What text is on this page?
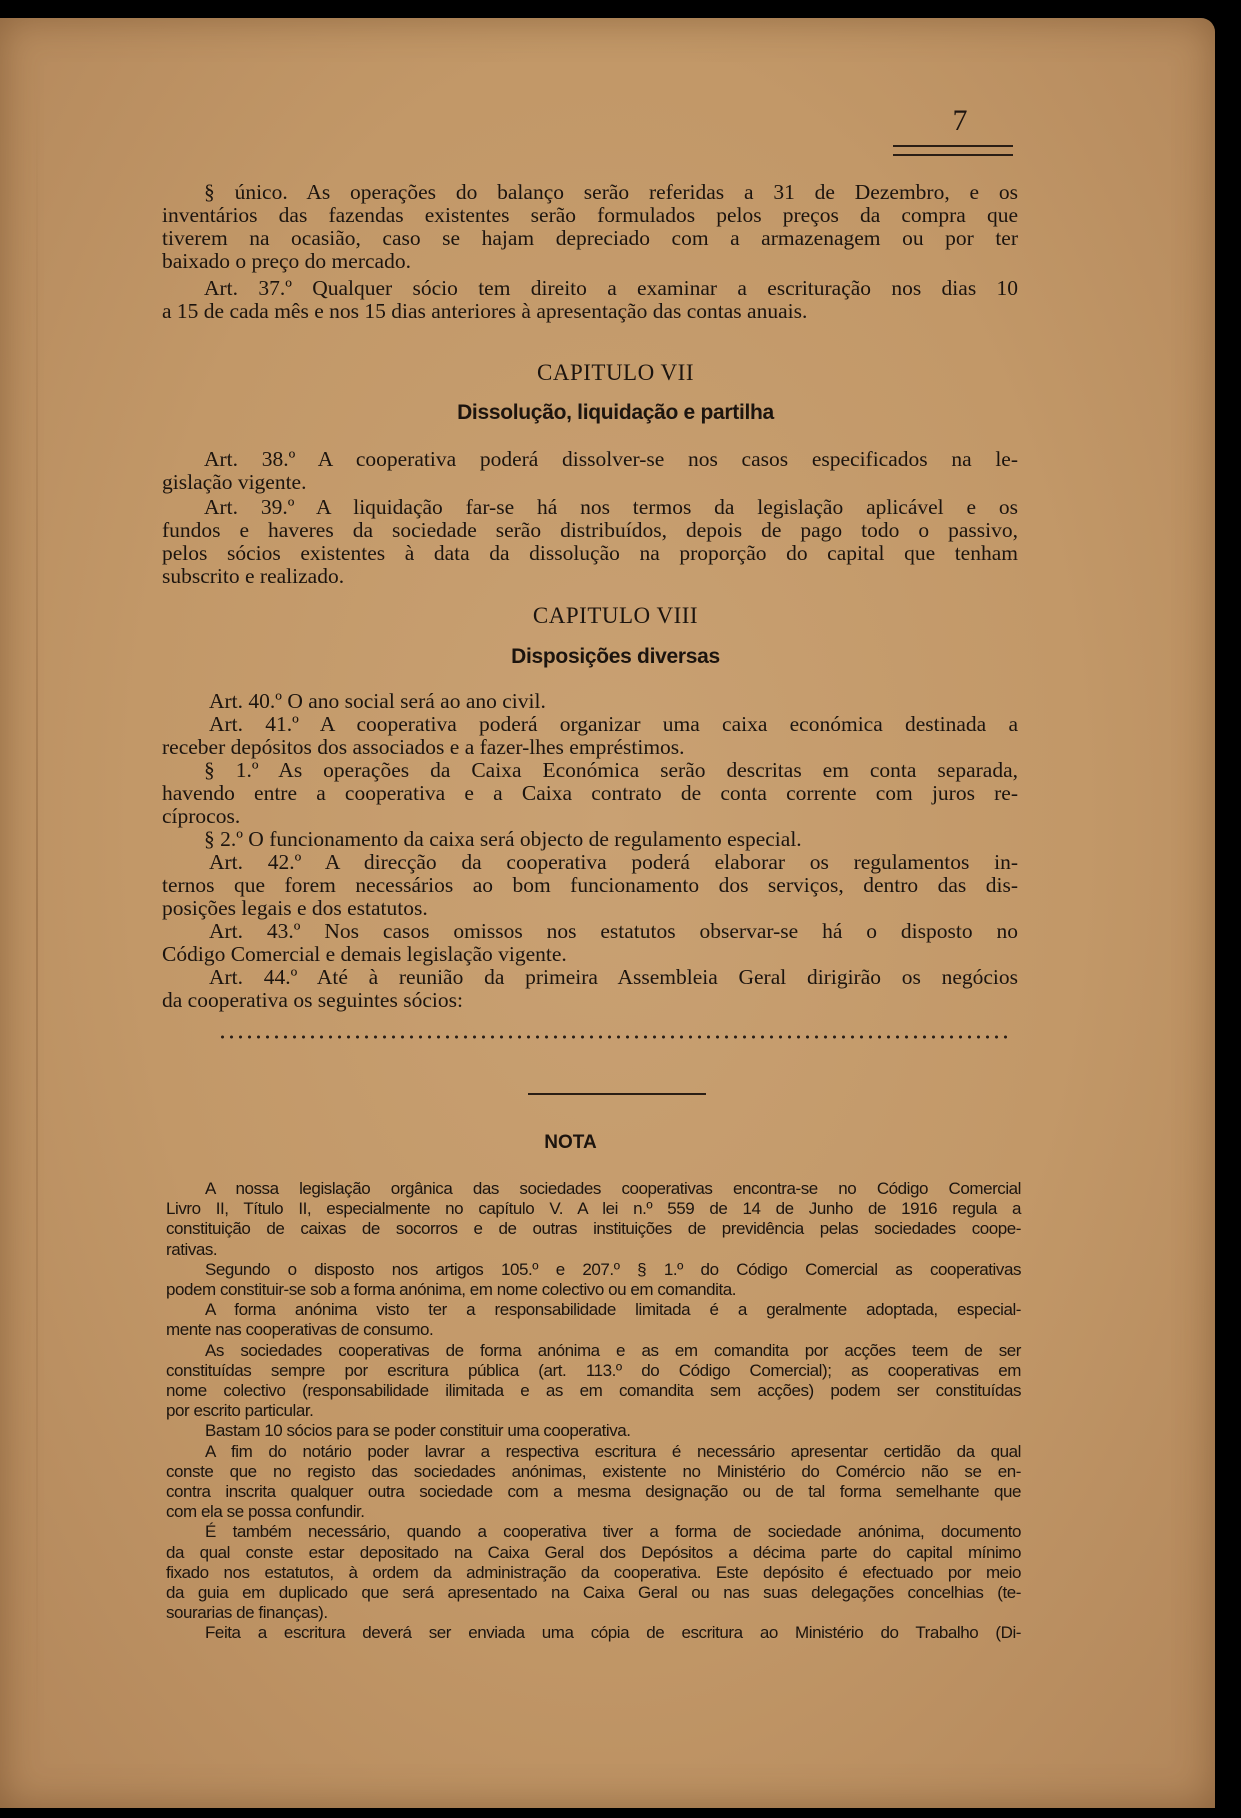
7
§ único. As operações do balanço serão referidas a 31 de Dezembro, e os
inventários das fazendas existentes serão formulados pelos preços da compra que
tiverem na ocasião, caso se hajam depreciado com a armazenagem ou por ter
baixado o preço do mercado.
Art. 37.º Qualquer sócio tem direito a examinar a escrituração nos dias 10
a 15 de cada mês e nos 15 dias anteriores à apresentação das contas anuais.
CAPITULO VII
Dissolução, liquidação e partilha
Art. 38.º A cooperativa poderá dissolver-se nos casos especificados na le-
gislação vigente.
Art. 39.º A liquidação far-se há nos termos da legislação aplicável e os
fundos e haveres da sociedade serão distribuídos, depois de pago todo o passivo,
pelos sócios existentes à data da dissolução na proporção do capital que tenham
subscrito e realizado.
CAPITULO VIII
Disposições diversas
Art. 40.º O ano social será ao ano civil.
Art. 41.º A cooperativa poderá organizar uma caixa económica destinada a
receber depósitos dos associados e a fazer-lhes empréstimos.
§ 1.º As operações da Caixa Económica serão descritas em conta separada,
havendo entre a cooperativa e a Caixa contrato de conta corrente com juros re-
cíprocos.
§ 2.º O funcionamento da caixa será objecto de regulamento especial.
Art. 42.º A direcção da cooperativa poderá elaborar os regulamentos in-
ternos que forem necessários ao bom funcionamento dos serviços, dentro das dis-
posições legais e dos estatutos.
Art. 43.º Nos casos omissos nos estatutos observar-se há o disposto no
Código Comercial e demais legislação vigente.
Art. 44.º Até à reunião da primeira Assembleia Geral dirigirão os negócios
da cooperativa os seguintes sócios:
NOTA
A nossa legislação orgânica das sociedades cooperativas encontra-se no Código Comercial
Livro II, Título II, especialmente no capítulo V. A lei n.º 559 de 14 de Junho de 1916 regula a
constituição de caixas de socorros e de outras instituições de previdência pelas sociedades coope-
rativas.
Segundo o disposto nos artigos 105.º e 207.º § 1.º do Código Comercial as cooperativas
podem constituir-se sob a forma anónima, em nome colectivo ou em comandita.
A forma anónima visto ter a responsabilidade limitada é a geralmente adoptada, especial-
mente nas cooperativas de consumo.
As sociedades cooperativas de forma anónima e as em comandita por acções teem de ser
constituídas sempre por escritura pública (art. 113.º do Código Comercial); as cooperativas em
nome colectivo (responsabilidade ilimitada e as em comandita sem acções) podem ser constituídas
por escrito particular.
Bastam 10 sócios para se poder constituir uma cooperativa.
A fim do notário poder lavrar a respectiva escritura é necessário apresentar certidão da qual
conste que no registo das sociedades anónimas, existente no Ministério do Comércio não se en-
contra inscrita qualquer outra sociedade com a mesma designação ou de tal forma semelhante que
com ela se possa confundir.
É também necessário, quando a cooperativa tiver a forma de sociedade anónima, documento
da qual conste estar depositado na Caixa Geral dos Depósitos a décima parte do capital mínimo
fixado nos estatutos, à ordem da administração da cooperativa. Este depósito é efectuado por meio
da guia em duplicado que será apresentado na Caixa Geral ou nas suas delegações concelhias (te-
sourarias de finanças).
Feita a escritura deverá ser enviada uma cópia de escritura ao Ministério do Trabalho (Di-
